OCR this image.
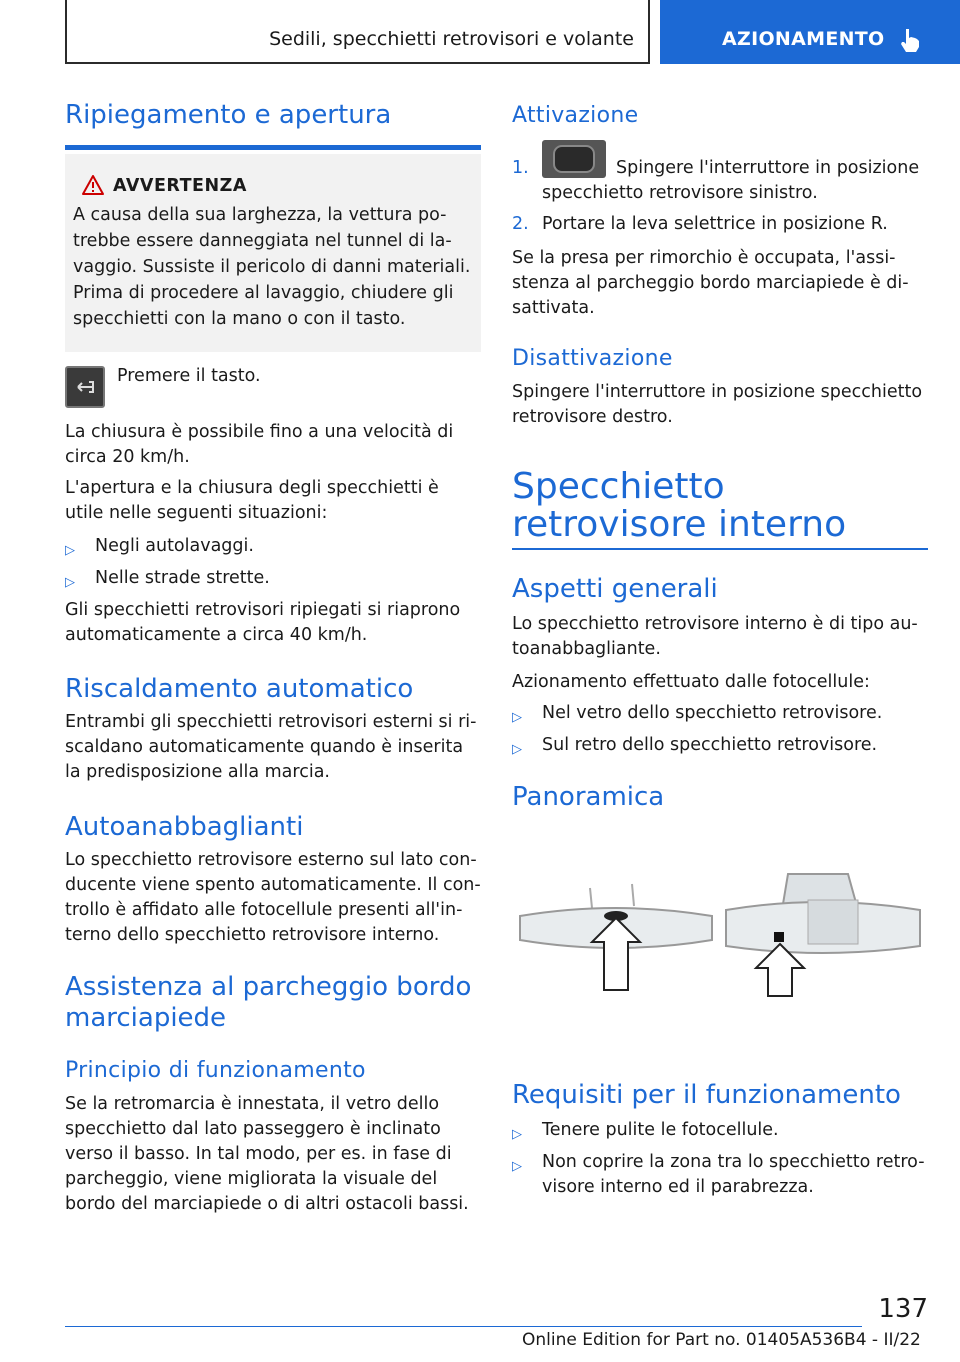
Sedili, specchietti retrovisori e volante	AZIONAMENTO
Ripiegamento e apertura
AVVERTENZA
A causa della sua larghezza, la vettura po- trebbe essere danneggiata nel tunnel di la- vaggio. Sussiste il pericolo di danni materiali. Prima di procedere al lavaggio, chiudere gli specchietti con la mano o con il tasto.
Premere il tasto.
La chiusura è possibile fino a una velocità di circa 20 km/h.
L'apertura e la chiusura degli specchietti è utile nelle seguenti situazioni:
▷	Negli autolavaggi.
▷	Nelle strade strette.
Gli specchietti retrovisori ripiegati si riaprono automaticamente a circa 40 km/h.
Riscaldamento automatico
Entrambi gli specchietti retrovisori esterni si ri- scaldano automaticamente quando è inserita la predisposizione alla marcia.
Autoanabbaglianti
Lo specchietto retrovisore esterno sul lato con- ducente viene spento automaticamente. Il con- trollo è affidato alle fotocellule presenti all'in- terno dello specchietto retrovisore interno.
Assistenza al parcheggio bordo marciapiede
Principio di funzionamento
Se la retromarcia è innestata, il vetro dello specchietto dal lato passeggero è inclinato verso il basso. In tal modo, per es. in fase di parcheggio, viene migliorata la visuale del bordo del marciapiede o di altri ostacoli bassi.
Attivazione
1.	Spingere l'interruttore in posizione specchietto retrovisore sinistro.
2. Portare la leva selettrice in posizione R.
Se la presa per rimorchio è occupata, l'assi- stenza al parcheggio bordo marciapiede è di- sattivata.
Disattivazione
Spingere l'interruttore in posizione specchietto retrovisore destro.
Specchietto retrovisore interno
Aspetti generali
Lo specchietto retrovisore interno è di tipo au- toanabbagliante.
Azionamento effettuato dalle fotocellule:
▷	Nel vetro dello specchietto retrovisore.
▷	Sul retro dello specchietto retrovisore.
Panoramica
Requisiti per il funzionamento
▷	Tenere pulite le fotocellule.
▷	Non coprire la zona tra lo specchietto retro- visore interno ed il parabrezza.
137
Online Edition for Part no. 01405A536B4 - II/22
